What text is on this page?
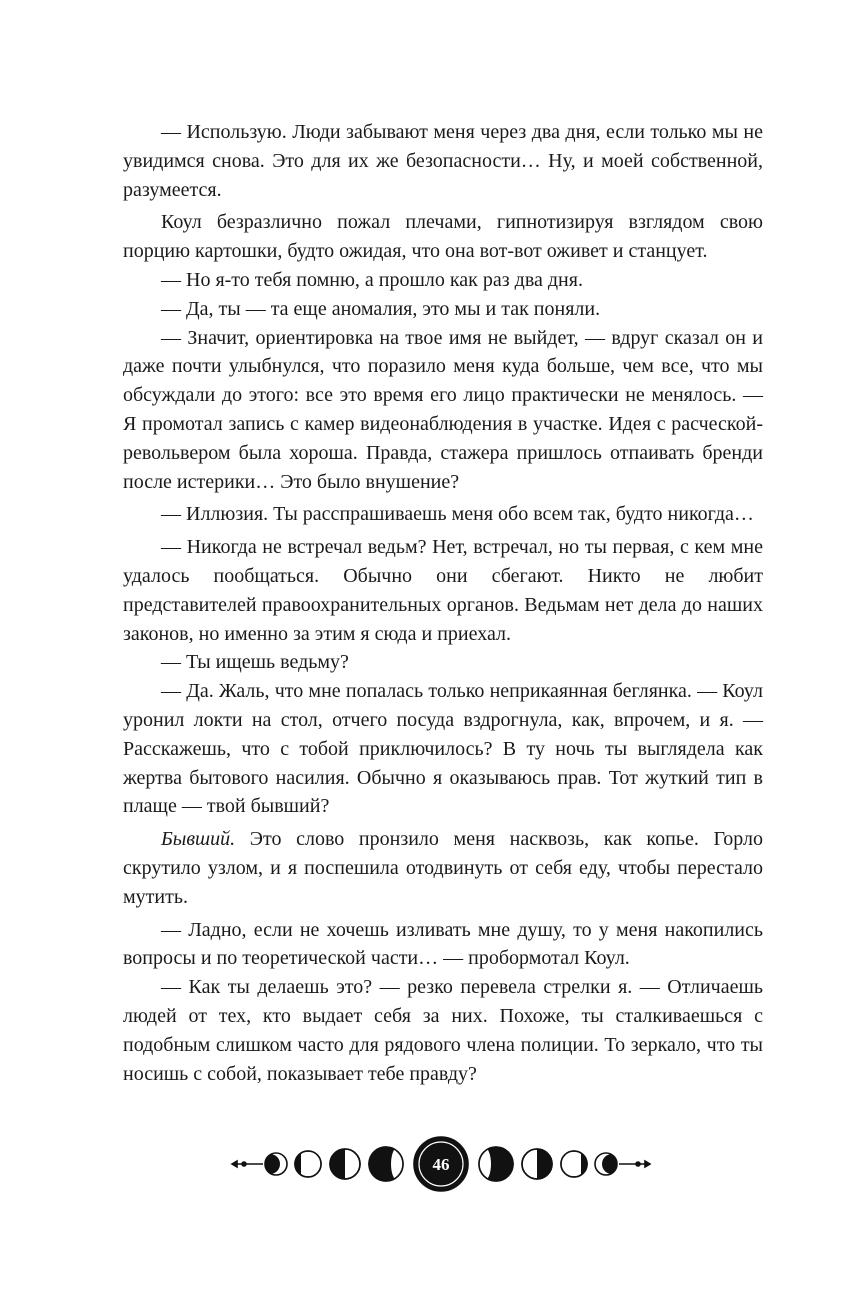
— Использую. Люди забывают меня через два дня, если только мы не увидимся снова. Это для их же безопасности… Ну, и моей собственной, разумеется.

Коул безразлично пожал плечами, гипнотизируя взглядом свою порцию картошки, будто ожидая, что она вот-вот оживет и станцует.

— Но я-то тебя помню, а прошло как раз два дня.

— Да, ты — та еще аномалия, это мы и так поняли.

— Значит, ориентировка на твое имя не выйдет, — вдруг сказал он и даже почти улыбнулся, что поразило меня куда больше, чем все, что мы обсуждали до этого: все это время его лицо практически не менялось. — Я промотал запись с камер видеонаблюдения в участке. Идея с расческой-револьвером была хороша. Правда, стажера пришлось отпаивать бренди после истерики… Это было внушение?

— Иллюзия. Ты расспрашиваешь меня обо всем так, будто никогда…

— Никогда не встречал ведьм? Нет, встречал, но ты первая, с кем мне удалось пообщаться. Обычно они сбегают. Никто не любит представителей правоохранительных органов. Ведьмам нет дела до наших законов, но именно за этим я сюда и приехал.

— Ты ищешь ведьму?

— Да. Жаль, что мне попалась только неприкаянная беглянка. — Коул уронил локти на стол, отчего посуда вздрогнула, как, впрочем, и я. — Расскажешь, что с тобой приключилось? В ту ночь ты выглядела как жертва бытового насилия. Обычно я оказываюсь прав. Тот жуткий тип в плаще — твой бывший?

Бывший. Это слово пронзило меня насквозь, как копье. Горло скрутило узлом, и я поспешила отодвинуть от себя еду, чтобы перестало мутить.

— Ладно, если не хочешь изливать мне душу, то у меня накопились вопросы и по теоретической части… — пробормотал Коул.

— Как ты делаешь это? — резко перевела стрелки я. — Отличаешь людей от тех, кто выдает себя за них. Похоже, ты сталкиваешься с подобным слишком часто для рядового члена полиции. То зеркало, что ты носишь с собой, показывает тебе правду?

46
